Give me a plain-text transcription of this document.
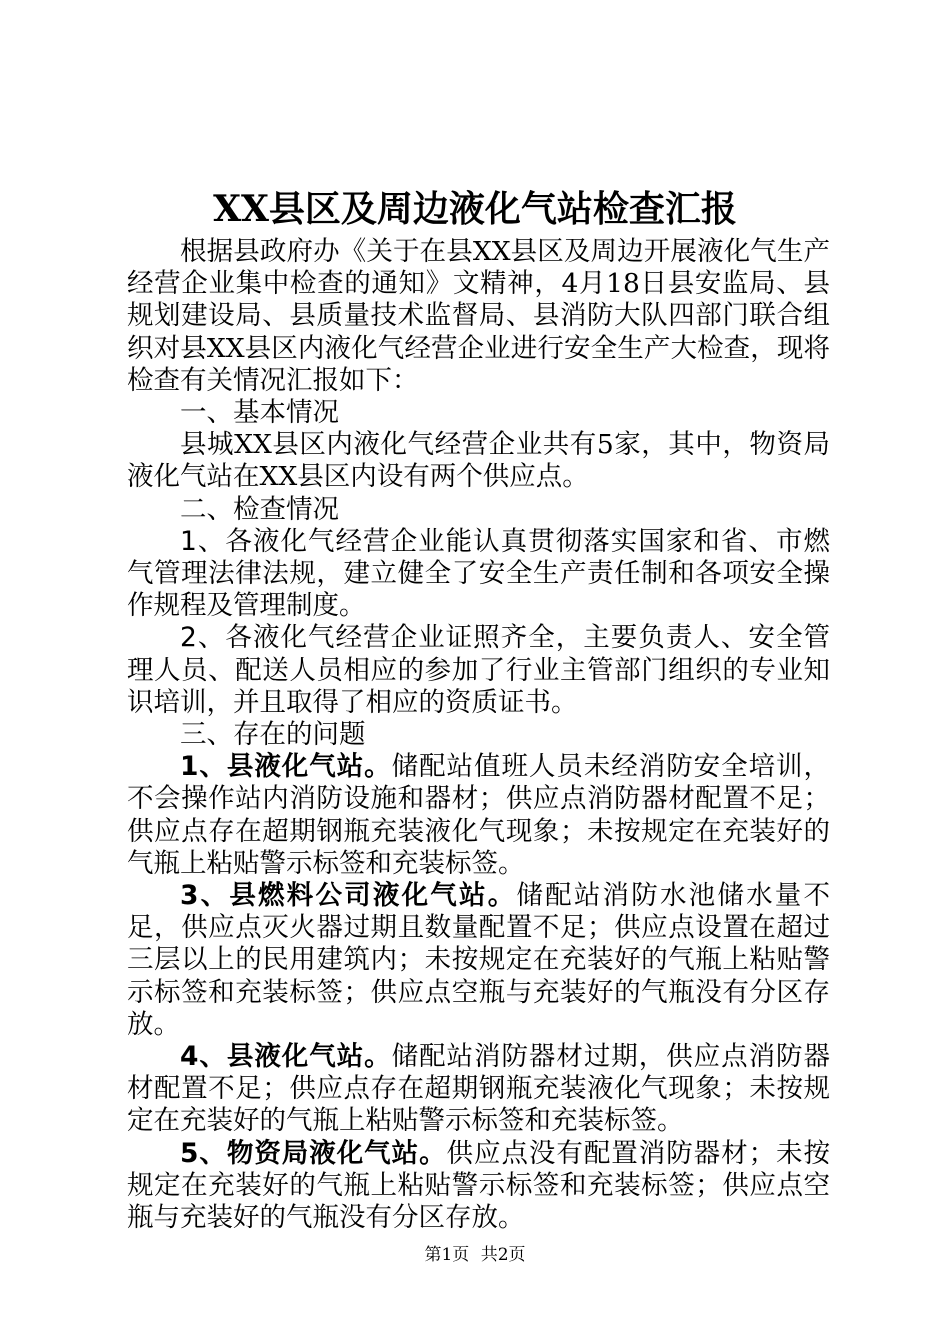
XX县区及周边液化气站检查汇报

根据县政府办《关于在县XX县区及周边开展液化气生产经营企业集中检查的通知》文精神，4月18日县安监局、县规划建设局、县质量技术监督局、县消防大队四部门联合组织对县XX县区内液化气经营企业进行安全生产大检查，现将检查有关情况汇报如下：

一、基本情况

县城XX县区内液化气经营企业共有5家，其中，物资局液化气站在XX县区内设有两个供应点。

二、检查情况

1、各液化气经营企业能认真贯彻落实国家和省、市燃气管理法律法规，建立健全了安全生产责任制和各项安全操作规程及管理制度。

2、各液化气经营企业证照齐全，主要负责人、安全管理人员、配送人员相应的参加了行业主管部门组织的专业知识培训，并且取得了相应的资质证书。

三、存在的问题

1、县液化气站。储配站值班人员未经消防安全培训，不会操作站内消防设施和器材；供应点消防器材配置不足；供应点存在超期钢瓶充装液化气现象；未按规定在充装好的气瓶上粘贴警示标签和充装标签。

3、县燃料公司液化气站。储配站消防水池储水量不足，供应点灭火器过期且数量配置不足；供应点设置在超过三层以上的民用建筑内；未按规定在充装好的气瓶上粘贴警示标签和充装标签；供应点空瓶与充装好的气瓶没有分区存放。

4、县液化气站。储配站消防器材过期，供应点消防器材配置不足；供应点存在超期钢瓶充装液化气现象；未按规定在充装好的气瓶上粘贴警示标签和充装标签。

5、物资局液化气站。供应点没有配置消防器材；未按规定在充装好的气瓶上粘贴警示标签和充装标签；供应点空瓶与充装好的气瓶没有分区存放。

第1页 共2页
